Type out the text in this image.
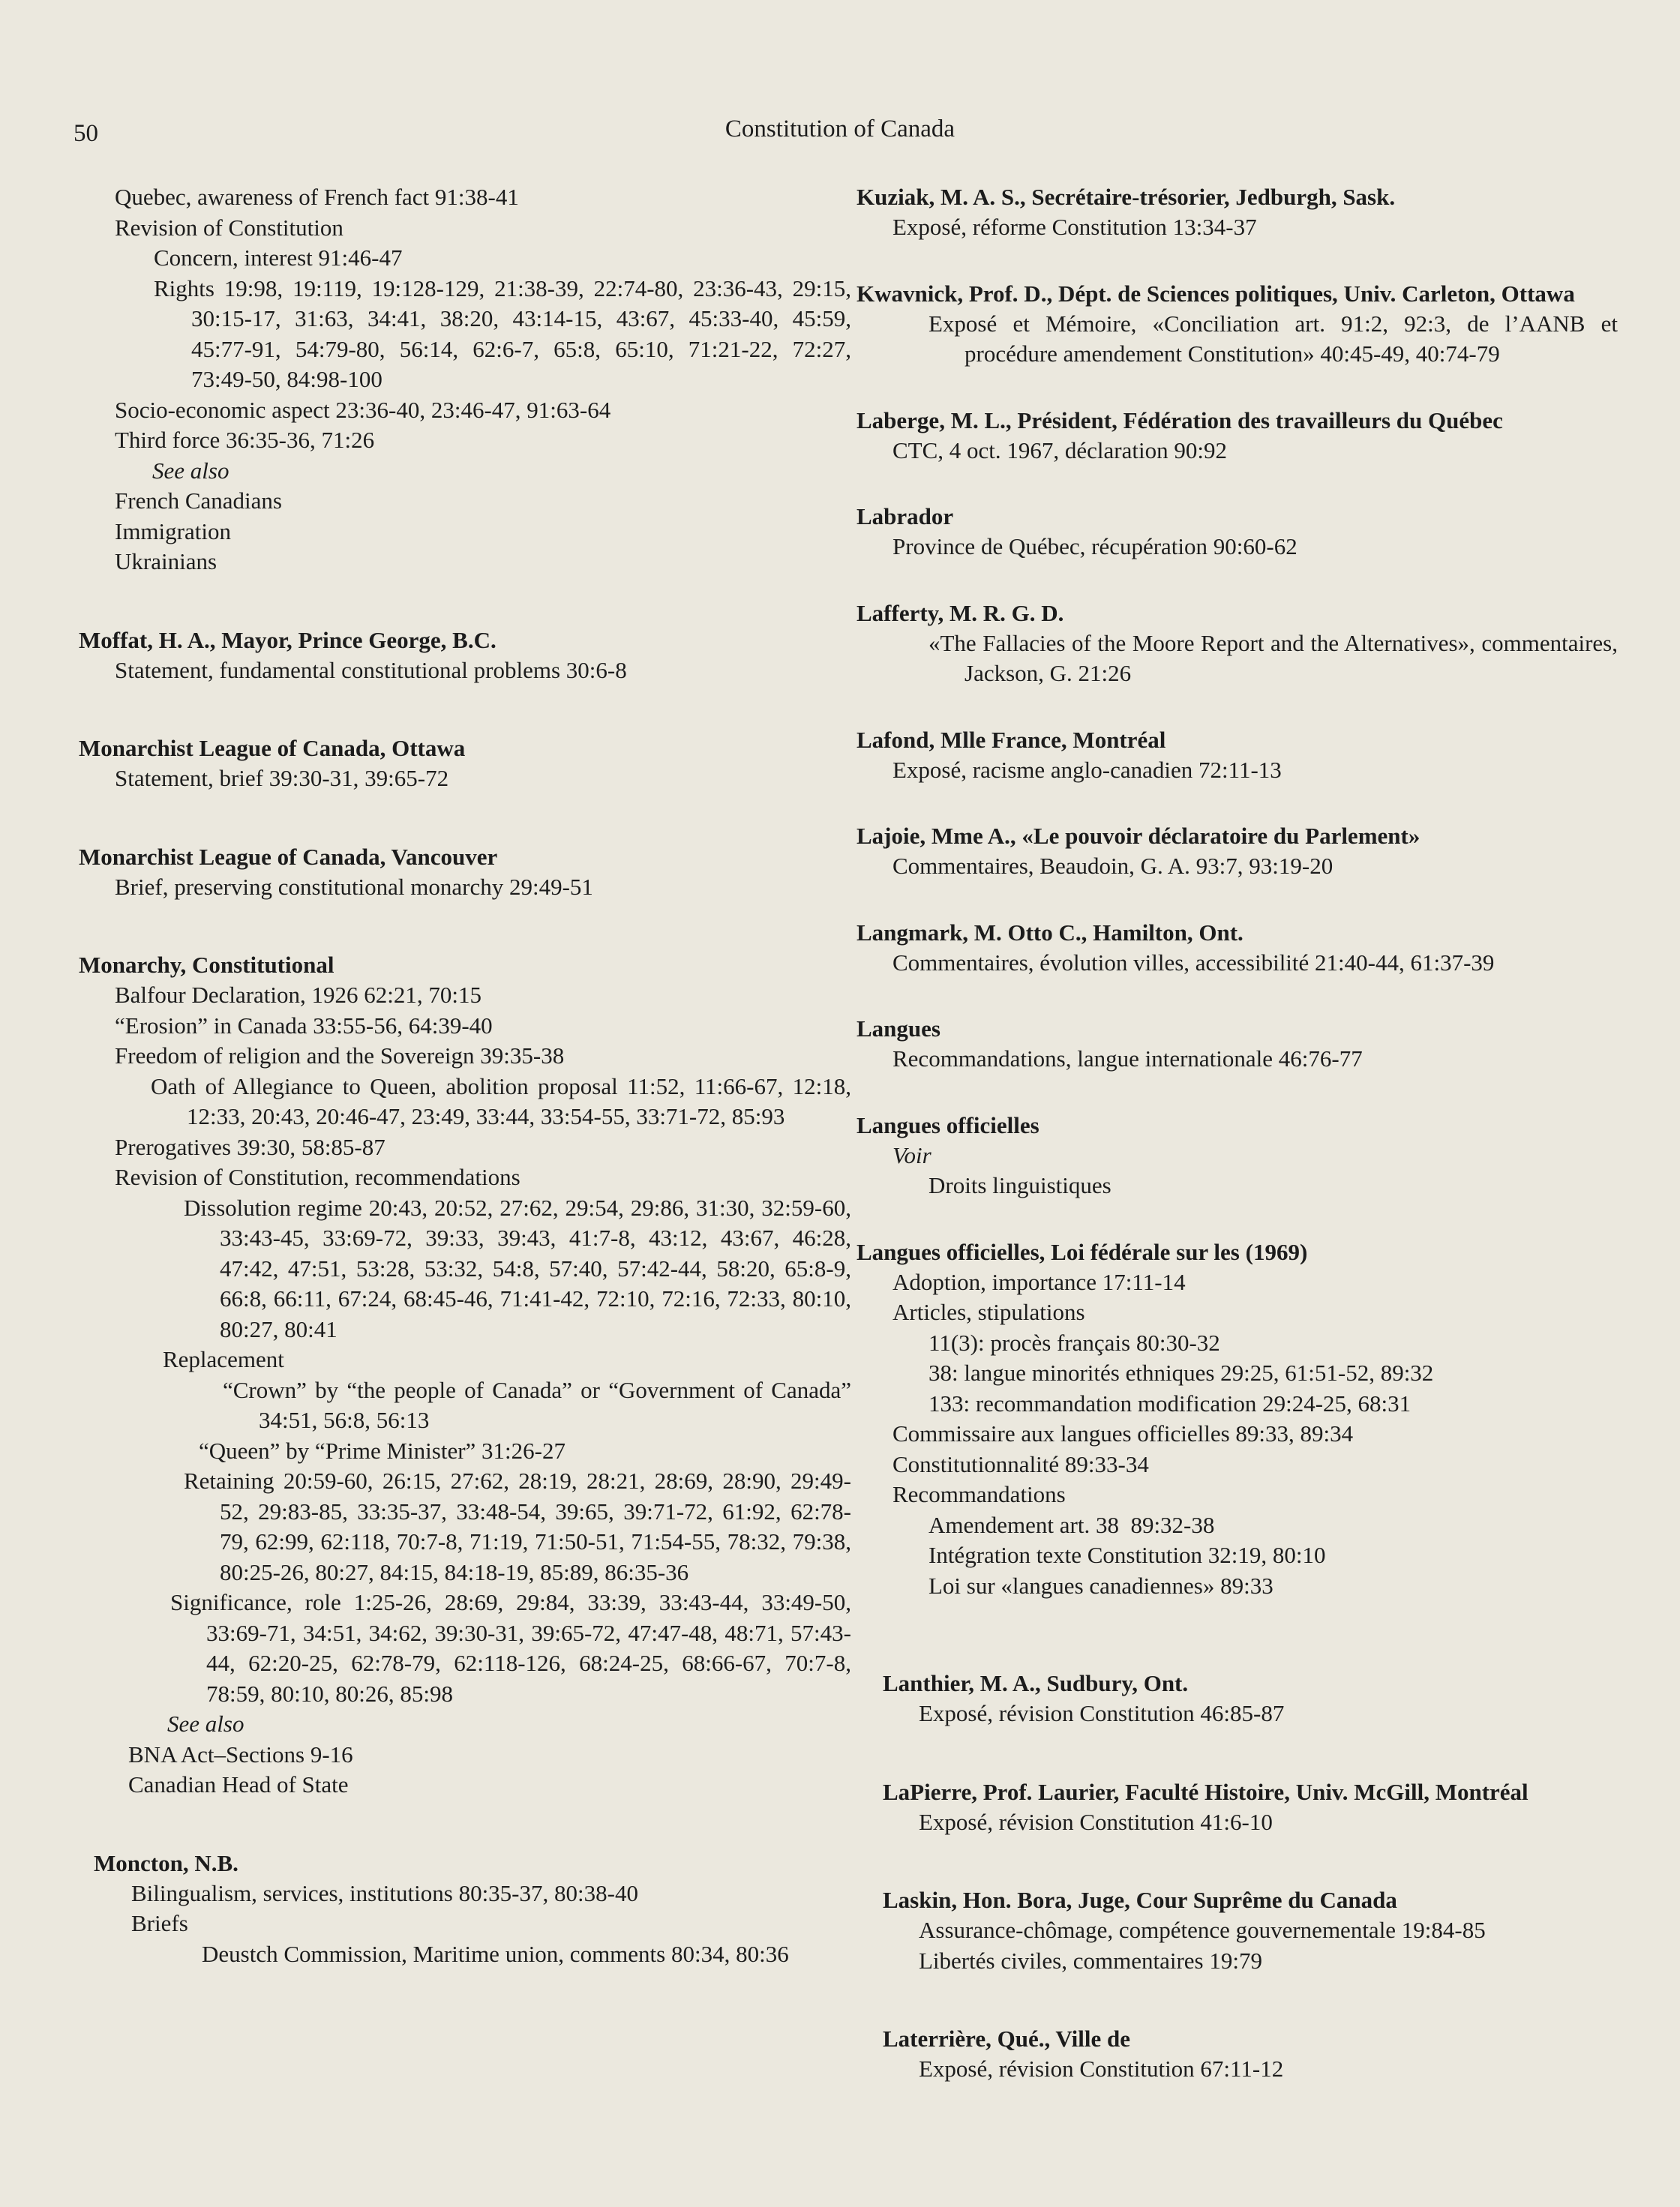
50	Constitution of Canada
Quebec, awareness of French fact 91:38-41
Revision of Constitution
Concern, interest 91:46-47
Rights 19:98, 19:119, 19:128-129, 21:38-39, 22:74-80, 23:36-43, 29:15, 30:15-17, 31:63, 34:41, 38:20, 43:14-15, 43:67, 45:33-40, 45:59, 45:77-91, 54:79-80, 56:14, 62:6-7, 65:8, 65:10, 71:21-22, 72:27, 73:49-50, 84:98-100
Socio-economic aspect 23:36-40, 23:46-47, 91:63-64
Third force 36:35-36, 71:26
See also
French Canadians
Immigration
Ukrainians
Moffat, H. A., Mayor, Prince George, B.C.
Statement, fundamental constitutional problems 30:6-8
Monarchist League of Canada, Ottawa
Statement, brief 39:30-31, 39:65-72
Monarchist League of Canada, Vancouver
Brief, preserving constitutional monarchy 29:49-51
Monarchy, Constitutional
Balfour Declaration, 1926 62:21, 70:15
“Erosion” in Canada 33:55-56, 64:39-40
Freedom of religion and the Sovereign 39:35-38
Oath of Allegiance to Queen, abolition proposal 11:52, 11:66-67, 12:18, 12:33, 20:43, 20:46-47, 23:49, 33:44, 33:54-55, 33:71-72, 85:93
Prerogatives 39:30, 58:85-87
Revision of Constitution, recommendations
Dissolution regime 20:43, 20:52, 27:62, 29:54, 29:86, 31:30, 32:59-60, 33:43-45, 33:69-72, 39:33, 39:43, 41:7-8, 43:12, 43:67, 46:28, 47:42, 47:51, 53:28, 53:32, 54:8, 57:40, 57:42-44, 58:20, 65:8-9, 66:8, 66:11, 67:24, 68:45-46, 71:41-42, 72:10, 72:16, 72:33, 80:10, 80:27, 80:41
Replacement
“Crown” by “the people of Canada” or “Government of Canada” 34:51, 56:8, 56:13
“Queen” by “Prime Minister” 31:26-27
Retaining 20:59-60, 26:15, 27:62, 28:19, 28:21, 28:69, 28:90, 29:49-52, 29:83-85, 33:35-37, 33:48-54, 39:65, 39:71-72, 61:92, 62:78-79, 62:99, 62:118, 70:7-8, 71:19, 71:50-51, 71:54-55, 78:32, 79:38, 80:25-26, 80:27, 84:15, 84:18-19, 85:89, 86:35-36
Significance, role 1:25-26, 28:69, 29:84, 33:39, 33:43-44, 33:49-50, 33:69-71, 34:51, 34:62, 39:30-31, 39:65-72, 47:47-48, 48:71, 57:43-44, 62:20-25, 62:78-79, 62:118-126, 68:24-25, 68:66-67, 70:7-8, 78:59, 80:10, 80:26, 85:98
See also
BNA Act–Sections 9-16
Canadian Head of State
Moncton, N.B.
Bilingualism, services, institutions 80:35-37, 80:38-40
Briefs
Deustch Commission, Maritime union, comments 80:34, 80:36
Kuziak, M. A. S., Secrétaire-trésorier, Jedburgh, Sask.
Exposé, réforme Constitution 13:34-37
Kwavnick, Prof. D., Dépt. de Sciences politiques, Univ. Carleton, Ottawa
Exposé et Mémoire, «Conciliation art. 91:2, 92:3, de l’AANB et procédure amendement Constitution» 40:45-49, 40:74-79
Laberge, M. L., Président, Fédération des travailleurs du Québec
CTC, 4 oct. 1967, déclaration 90:92
Labrador
Province de Québec, récupération 90:60-62
Lafferty, M. R. G. D.
«The Fallacies of the Moore Report and the Alternatives», commentaires, Jackson, G. 21:26
Lafond, Mlle France, Montréal
Exposé, racisme anglo-canadien 72:11-13
Lajoie, Mme A., «Le pouvoir déclaratoire du Parlement»
Commentaires, Beaudoin, G. A. 93:7, 93:19-20
Langmark, M. Otto C., Hamilton, Ont.
Commentaires, évolution villes, accessibilité 21:40-44, 61:37-39
Langues
Recommandations, langue internationale 46:76-77
Langues officielles
Voir
Droits linguistiques
Langues officielles, Loi fédérale sur les (1969)
Adoption, importance 17:11-14
Articles, stipulations
11(3): procès français 80:30-32
38: langue minorités ethniques 29:25, 61:51-52, 89:32
133: recommandation modification 29:24-25, 68:31
Commissaire aux langues officielles 89:33, 89:34
Constitutionnalité 89:33-34
Recommandations
Amendement art. 38  89:32-38
Intégration texte Constitution 32:19, 80:10
Loi sur «langues canadiennes» 89:33
Lanthier, M. A., Sudbury, Ont.
Exposé, révision Constitution 46:85-87
LaPierre, Prof. Laurier, Faculté Histoire, Univ. McGill, Montréal
Exposé, révision Constitution 41:6-10
Laskin, Hon. Bora, Juge, Cour Suprême du Canada
Assurance-chômage, compétence gouvernementale 19:84-85
Libertés civiles, commentaires 19:79
Laterrière, Qué., Ville de
Exposé, révision Constitution 67:11-12
